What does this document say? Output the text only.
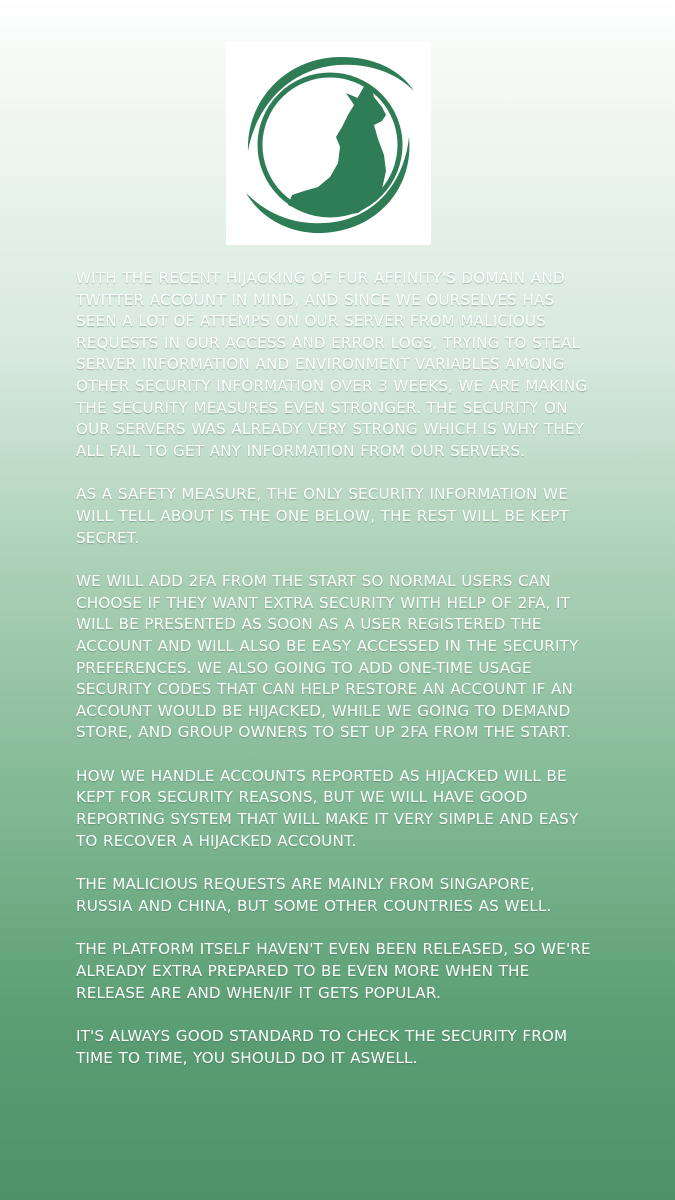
WITH THE RECENT HIJACKING OF FUR AFFINITY'S DOMAIN AND TWITTER ACCOUNT IN MIND, AND SINCE WE OURSELVES HAS SEEN A LOT OF ATTEMPS ON OUR SERVER FROM MALICIOUS REQUESTS IN OUR ACCESS AND ERROR LOGS, TRYING TO STEAL SERVER INFORMATION AND ENVIRONMENT VARIABLES AMONG OTHER SECURITY INFORMATION OVER 3 WEEKS, WE ARE MAKING THE SECURITY MEASURES EVEN STRONGER. THE SECURITY ON OUR SERVERS WAS ALREADY VERY STRONG WHICH IS WHY THEY ALL FAIL TO GET ANY INFORMATION FROM OUR SERVERS.

AS A SAFETY MEASURE, THE ONLY SECURITY INFORMATION WE WILL TELL ABOUT IS THE ONE BELOW, THE REST WILL BE KEPT SECRET.

WE WILL ADD 2FA FROM THE START SO NORMAL USERS CAN CHOOSE IF THEY WANT EXTRA SECURITY WITH HELP OF 2FA, IT WILL BE PRESENTED AS SOON AS A USER REGISTERED THE ACCOUNT AND WILL ALSO BE EASY ACCESSED IN THE SECURITY PREFERENCES. WE ALSO GOING TO ADD ONE-TIME USAGE SECURITY CODES THAT CAN HELP RESTORE AN ACCOUNT IF AN ACCOUNT WOULD BE HIJACKED, WHILE WE GOING TO DEMAND STORE, AND GROUP OWNERS TO SET UP 2FA FROM THE START.

HOW WE HANDLE ACCOUNTS REPORTED AS HIJACKED WILL BE KEPT FOR SECURITY REASONS, BUT WE WILL HAVE GOOD REPORTING SYSTEM THAT WILL MAKE IT VERY SIMPLE AND EASY TO RECOVER A HIJACKED ACCOUNT.

THE MALICIOUS REQUESTS ARE MAINLY FROM SINGAPORE, RUSSIA AND CHINA, BUT SOME OTHER COUNTRIES AS WELL.

THE PLATFORM ITSELF HAVEN'T EVEN BEEN RELEASED, SO WE'RE ALREADY EXTRA PREPARED TO BE EVEN MORE WHEN THE RELEASE ARE AND WHEN/IF IT GETS POPULAR.

IT'S ALWAYS GOOD STANDARD TO CHECK THE SECURITY FROM TIME TO TIME, YOU SHOULD DO IT ASWELL.
